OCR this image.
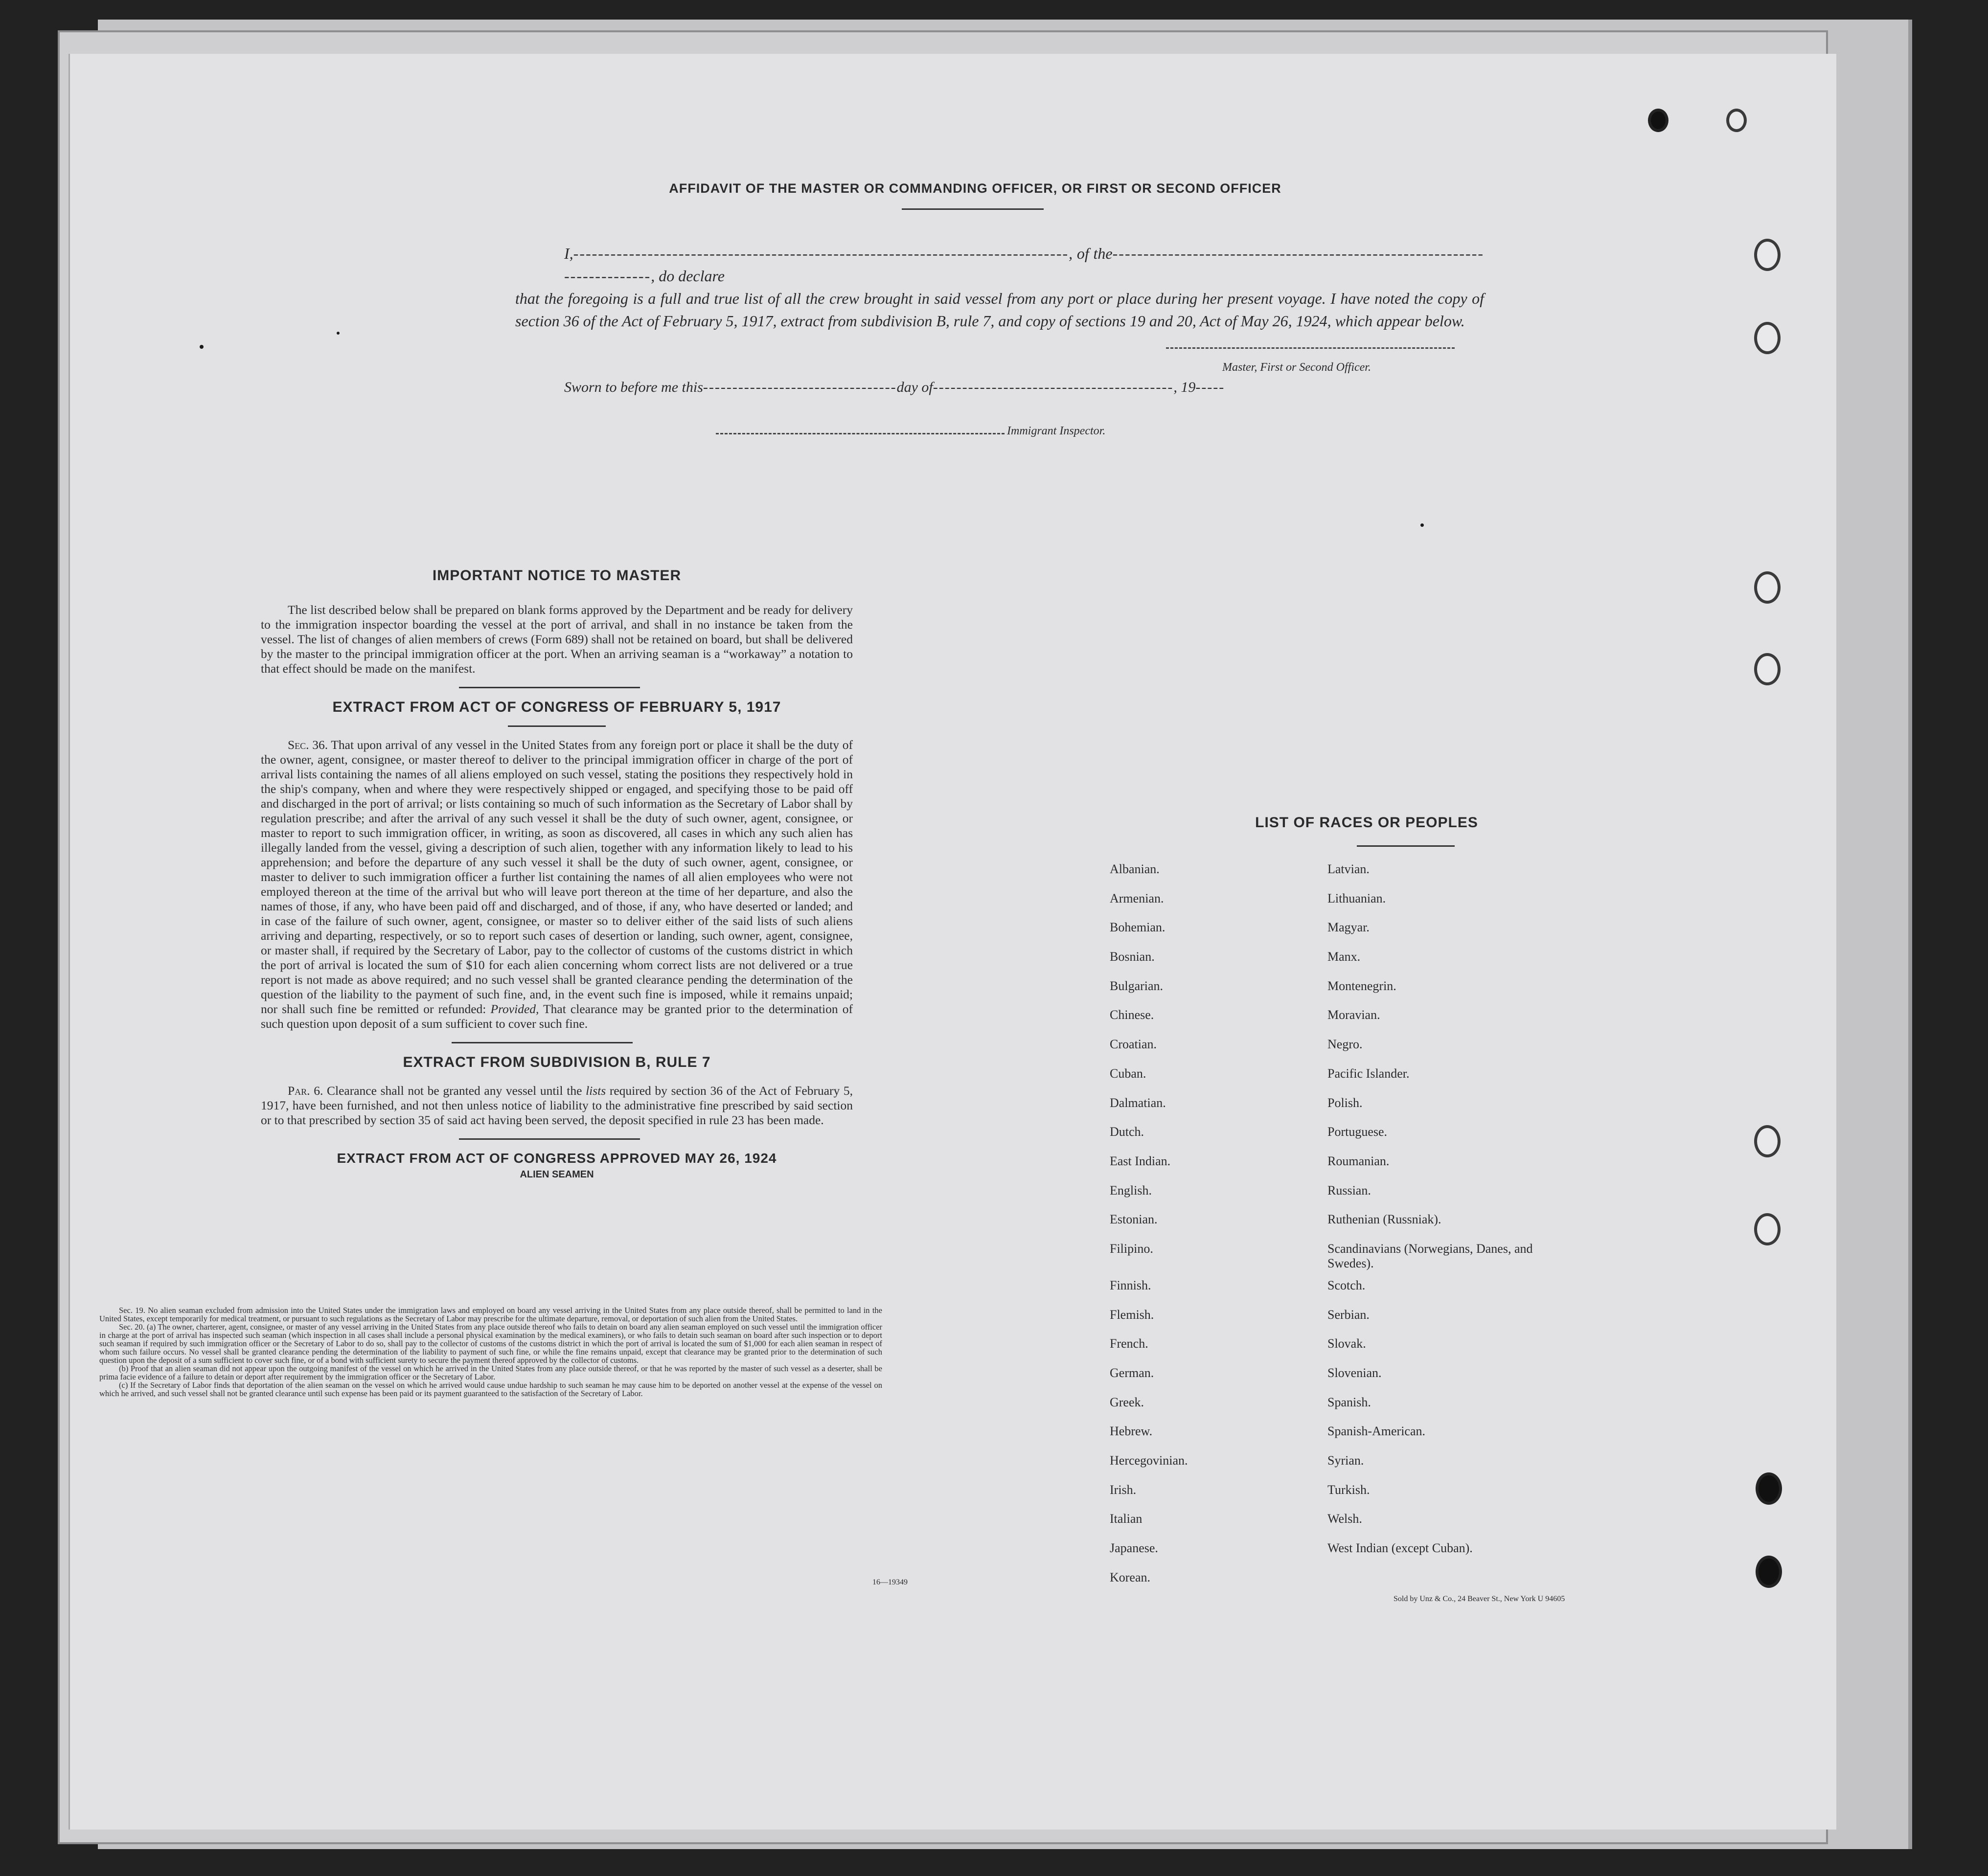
AFFIDAVIT OF THE MASTER OR COMMANDING OFFICER, OR FIRST OR SECOND OFFICER
I,--------------------------------------------------------------------------------, of the--------------------------------------------------------------------------, do declare
that the foregoing is a full and true list of all the crew brought in said vessel from any port or place during her present voyage. I have noted the copy of section 36 of the Act of February 5, 1917, extract from subdivision B, rule 7, and copy of sections 19 and 20, Act of May 26, 1924, which appear below.
Master, First or Second Officer.
Sworn to before me this---------------------------------day of-----------------------------------------, 19-----
Immigrant Inspector.
IMPORTANT NOTICE TO MASTER

The list described below shall be prepared on blank forms approved by the Department and be ready for delivery to the immigration inspector boarding the vessel at the port of arrival, and shall in no instance be taken from the vessel. The list of changes of alien members of crews (Form 689) shall not be retained on board, but shall be delivered by the master to the principal immigration officer at the port. When an arriving seaman is a “workaway” a notation to that effect should be made on the manifest.

EXTRACT FROM ACT OF CONGRESS OF FEBRUARY 5, 1917

Sec. 36. That upon arrival of any vessel in the United States from any foreign port or place it shall be the duty of the owner, agent, consignee, or master thereof to deliver to the principal immigration officer in charge of the port of arrival lists containing the names of all aliens employed on such vessel, stating the positions they respectively hold in the ship's company, when and where they were respectively shipped or engaged, and specifying those to be paid off and discharged in the port of arrival; or lists containing so much of such information as the Secretary of Labor shall by regulation prescribe; and after the arrival of any such vessel it shall be the duty of such owner, agent, consignee, or master to report to such immigration officer, in writing, as soon as discovered, all cases in which any such alien has illegally landed from the vessel, giving a description of such alien, together with any information likely to lead to his apprehension; and before the departure of any such vessel it shall be the duty of such owner, agent, consignee, or master to deliver to such immigration officer a further list containing the names of all alien employees who were not employed thereon at the time of the arrival but who will leave port thereon at the time of her departure, and also the names of those, if any, who have been paid off and discharged, and of those, if any, who have deserted or landed; and in case of the failure of such owner, agent, consignee, or master so to deliver either of the said lists of such aliens arriving and departing, respectively, or so to report such cases of desertion or landing, such owner, agent, consignee, or master shall, if required by the Secretary of Labor, pay to the collector of customs of the customs district in which the port of arrival is located the sum of $10 for each alien concerning whom correct lists are not delivered or a true report is not made as above required; and no such vessel shall be granted clearance pending the determination of the question of the liability to the payment of such fine, and, in the event such fine is imposed, while it remains unpaid; nor shall such fine be remitted or refunded: Provided, That clearance may be granted prior to the determination of such question upon deposit of a sum sufficient to cover such fine.

EXTRACT FROM SUBDIVISION B, RULE 7

Par. 6. Clearance shall not be granted any vessel until the lists required by section 36 of the Act of February 5, 1917, have been furnished, and not then unless notice of liability to the administrative fine prescribed by said section or to that prescribed by section 35 of said act having been served, the deposit specified in rule 23 has been made.

EXTRACT FROM ACT OF CONGRESS APPROVED MAY 26, 1924
ALIEN SEAMEN

Sec. 19. No alien seaman excluded from admission into the United States under the immigration laws and employed on board any vessel arriving in the United States from any place outside thereof, shall be permitted to land in the United States, except temporarily for medical treatment, or pursuant to such regulations as the Secretary of Labor may prescribe for the ultimate departure, removal, or deportation of such alien from the United States.

Sec. 20. (a) The owner, charterer, agent, consignee, or master of any vessel arriving in the United States from any place outside thereof who fails to detain on board any alien seaman employed on such vessel until the immigration officer in charge at the port of arrival has inspected such seaman (which inspection in all cases shall include a personal physical examination by the medical examiners), or who fails to detain such seaman on board after such inspection or to deport such seaman if required by such immigration officer or the Secretary of Labor to do so, shall pay to the collector of customs of the customs district in which the port of arrival is located the sum of $1,000 for each alien seaman in respect of whom such failure occurs. No vessel shall be granted clearance pending the determination of the liability to payment of such fine, or while the fine remains unpaid, except that clearance may be granted prior to the determination of such question upon the deposit of a sum sufficient to cover such fine, or of a bond with sufficient surety to secure the payment thereof approved by the collector of customs.

(b) Proof that an alien seaman did not appear upon the outgoing manifest of the vessel on which he arrived in the United States from any place outside thereof, or that he was reported by the master of such vessel as a deserter, shall be prima facie evidence of a failure to detain or deport after requirement by the immigration officer or the Secretary of Labor.

(c) If the Secretary of Labor finds that deportation of the alien seaman on the vessel on which he arrived would cause undue hardship to such seaman he may cause him to be deported on another vessel at the expense of the vessel on which he arrived, and such vessel shall not be granted clearance until such expense has been paid or its payment guaranteed to the satisfaction of the Secretary of Labor.

16—19349
LIST OF RACES OR PEOPLES
Albanian.
Armenian.
Bohemian.
Bosnian.
Bulgarian.
Chinese.
Croatian.
Cuban.
Dalmatian.
Dutch.
East Indian.
English.
Estonian.
Filipino.
Finnish.
Flemish.
French.
German.
Greek.
Hebrew.
Hercegovinian.
Irish.
Italian
Japanese.
Korean.
Latvian.
Lithuanian.
Magyar.
Manx.
Montenegrin.
Moravian.
Negro.
Pacific Islander.
Polish.
Portuguese.
Roumanian.
Russian.
Ruthenian (Russniak).
Scandinavians (Norwegians, Danes, and Swedes).
Scotch.
Serbian.
Slovak.
Slovenian.
Spanish.
Spanish-American.
Syrian.
Turkish.
Welsh.
West Indian (except Cuban).
Sold by Unz & Co., 24 Beaver St., New York U 94605
